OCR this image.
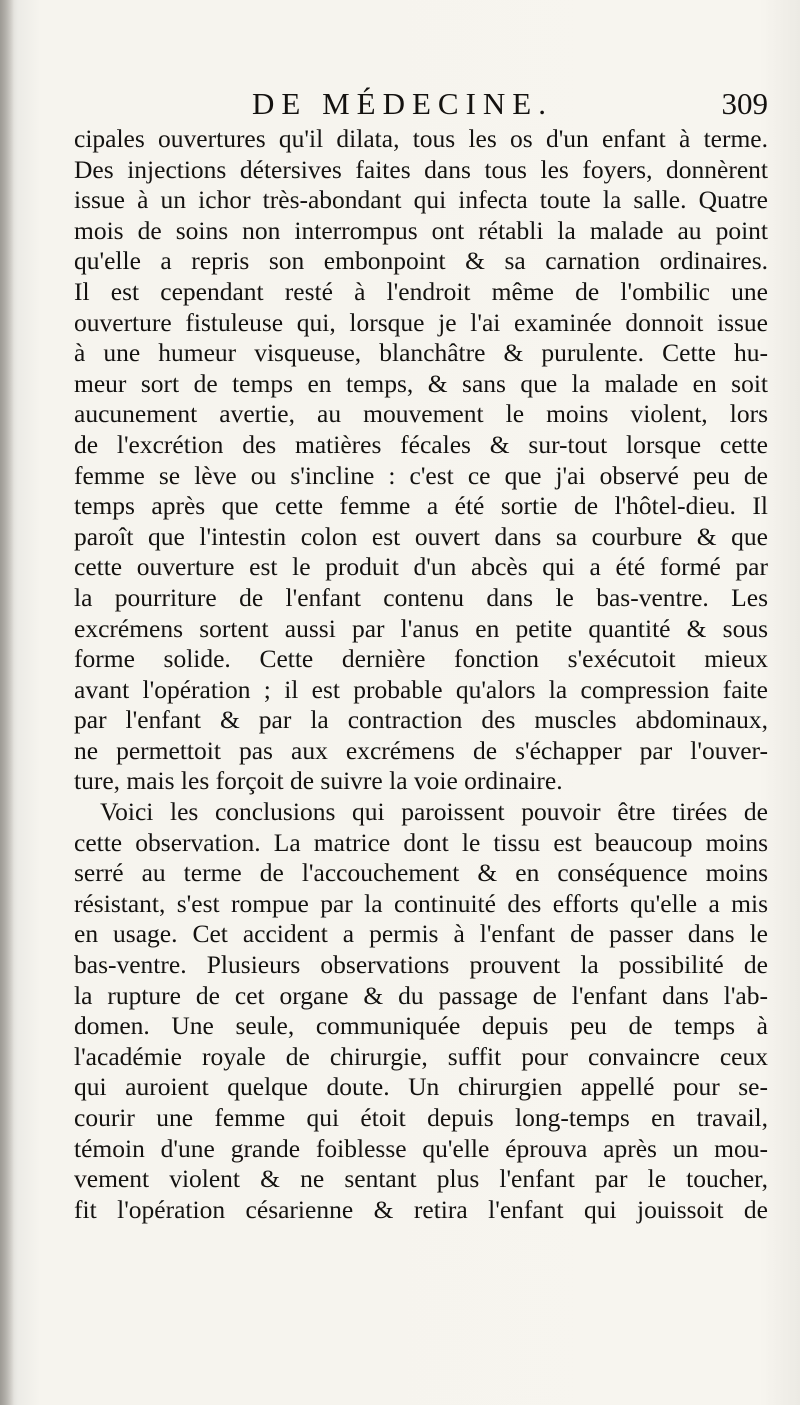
DE MÉDECINE.	309
cipales ouvertures qu'il dilata, tous les os d'un enfant à terme.
Des injections détersives faites dans tous les foyers, donnèrent
issue à un ichor très-abondant qui infecta toute la salle. Quatre
mois de soins non interrompus ont rétabli la malade au point
qu'elle a repris son embonpoint & sa carnation ordinaires.
Il est cependant resté à l'endroit même de l'ombilic une
ouverture fistuleuse qui, lorsque je l'ai examinée donnoit issue
à une humeur visqueuse, blanchâtre & purulente. Cette hu-
meur sort de temps en temps, & sans que la malade en soit
aucunement avertie, au mouvement le moins violent, lors
de l'excrétion des matières fécales & sur-tout lorsque cette
femme se lève ou s'incline : c'est ce que j'ai observé peu de
temps après que cette femme a été sortie de l'hôtel-dieu. Il
paroît que l'intestin colon est ouvert dans sa courbure & que
cette ouverture est le produit d'un abcès qui a été formé par
la pourriture de l'enfant contenu dans le bas-ventre. Les
excrémens sortent aussi par l'anus en petite quantité & sous
forme solide. Cette dernière fonction s'exécutoit mieux
avant l'opération ; il est probable qu'alors la compression faite
par l'enfant & par la contraction des muscles abdominaux,
ne permettoit pas aux excrémens de s'échapper par l'ouver-
ture, mais les forçoit de suivre la voie ordinaire.
Voici les conclusions qui paroissent pouvoir être tirées de
cette observation. La matrice dont le tissu est beaucoup moins
serré au terme de l'accouchement & en conséquence moins
résistant, s'est rompue par la continuité des efforts qu'elle a mis
en usage. Cet accident a permis à l'enfant de passer dans le
bas-ventre. Plusieurs observations prouvent la possibilité de
la rupture de cet organe & du passage de l'enfant dans l'ab-
domen. Une seule, communiquée depuis peu de temps à
l'académie royale de chirurgie, suffit pour convaincre ceux
qui auroient quelque doute. Un chirurgien appellé pour se-
courir une femme qui étoit depuis long-temps en travail,
témoin d'une grande foiblesse qu'elle éprouva après un mou-
vement violent & ne sentant plus l'enfant par le toucher,
fit l'opération césarienne & retira l'enfant qui jouissoit de
